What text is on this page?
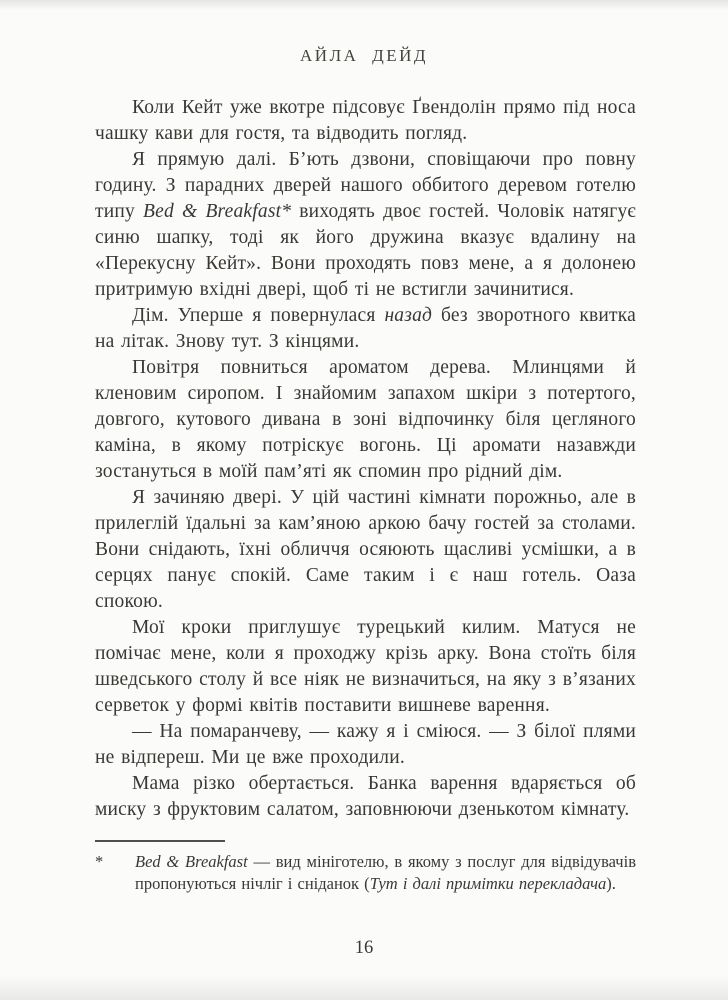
АЙЛА ДЕЙД

Коли Кейт уже вкотре підсовує Ґвендолін прямо під носа чашку кави для гостя, та відводить погляд.

Я прямую далі. Б’ють дзвони, сповіщаючи про повну годину. З парадних дверей нашого оббитого деревом готелю типу Bed & Breakfast* виходять двоє гостей. Чоловік натягує синю шапку, тоді як його дружина вказує вдалину на «Перекусну Кейт». Вони проходять повз мене, а я долонею притримую вхідні двері, щоб ті не встигли зачинитися.

Дім. Уперше я повернулася назад без зворотного квитка на літак. Знову тут. З кінцями.

Повітря повниться ароматом дерева. Млинцями й кленовим сиропом. І знайомим запахом шкіри з потертого, довгого, кутового дивана в зоні відпочинку біля цегляного каміна, в якому потріскує вогонь. Ці аромати назавжди зостануться в моїй пам’яті як спомин про рідний дім.

Я зачиняю двері. У цій частині кімнати порожньо, але в прилеглій їдальні за кам’яною аркою бачу гостей за столами. Вони снідають, їхні обличчя осяюють щасливі усмішки, а в серцях панує спокій. Саме таким і є наш готель. Оаза спокою.

Мої кроки приглушує турецький килим. Матуся не помічає мене, коли я проходжу крізь арку. Вона стоїть біля шведського столу й все ніяк не визначиться, на яку з в’язаних серветок у формі квітів поставити вишневе варення.

— На помаранчеву, — кажу я і сміюся. — З білої плями не відпереш. Ми це вже проходили.

Мама різко обертається. Банка варення вдаряється об миску з фруктовим салатом, заповнюючи дзенькотом кімнату.

*	Bed & Breakfast — вид мініготелю, в якому з послуг для відвідувачів пропонуються нічліг і сніданок (Тут і далі примітки перекладача).
16
